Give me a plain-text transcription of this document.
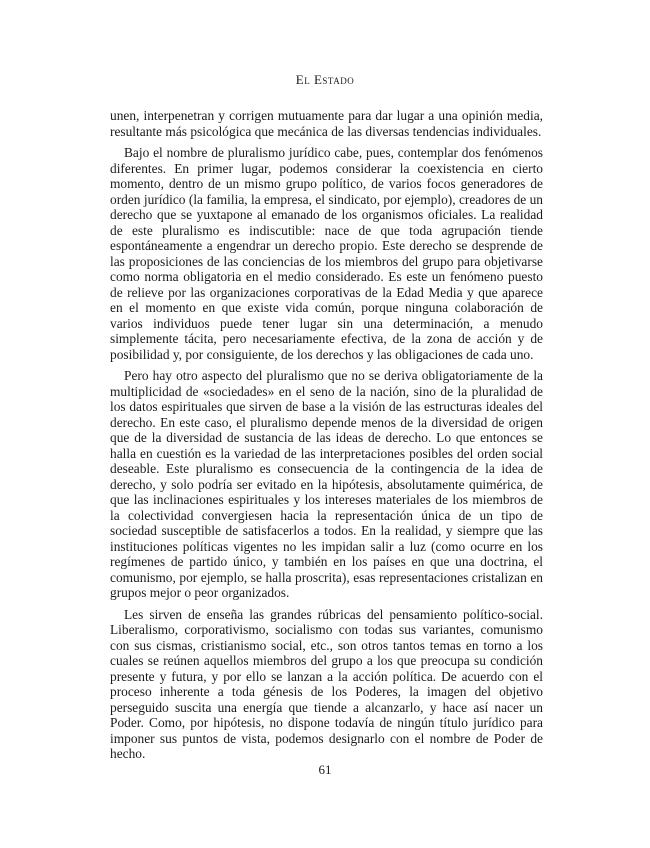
El Estado

unen, interpenetran y corrigen mutuamente para dar lugar a una opinión media, resultante más psicológica que mecánica de las diversas tendencias individuales.

Bajo el nombre de pluralismo jurídico cabe, pues, contemplar dos fenómenos diferentes. En primer lugar, podemos considerar la coexistencia en cierto momento, dentro de un mismo grupo político, de varios focos generadores de orden jurídico (la familia, la empresa, el sindicato, por ejemplo), creadores de un derecho que se yuxtapone al emanado de los organismos oficiales. La realidad de este pluralismo es indiscutible: nace de que toda agrupación tiende espontáneamente a engendrar un derecho propio. Este derecho se desprende de las proposiciones de las conciencias de los miembros del grupo para objetivarse como norma obligatoria en el medio considerado. Es este un fenómeno puesto de relieve por las organizaciones corporativas de la Edad Media y que aparece en el momento en que existe vida común, porque ninguna colaboración de varios individuos puede tener lugar sin una determinación, a menudo simplemente tácita, pero necesariamente efectiva, de la zona de acción y de posibilidad y, por consiguiente, de los derechos y las obligaciones de cada uno.

Pero hay otro aspecto del pluralismo que no se deriva obligatoriamente de la multiplicidad de «sociedades» en el seno de la nación, sino de la pluralidad de los datos espirituales que sirven de base a la visión de las estructuras ideales del derecho. En este caso, el pluralismo depende menos de la diversidad de origen que de la diversidad de sustancia de las ideas de derecho. Lo que entonces se halla en cuestión es la variedad de las interpretaciones posibles del orden social deseable. Este pluralismo es consecuencia de la contingencia de la idea de derecho, y solo podría ser evitado en la hipótesis, absolutamente quimérica, de que las inclinaciones espirituales y los intereses materiales de los miembros de la colectividad convergiesen hacia la representación única de un tipo de sociedad susceptible de satisfacerlos a todos. En la realidad, y siempre que las instituciones políticas vigentes no les impidan salir a luz (como ocurre en los regímenes de partido único, y también en los países en que una doctrina, el comunismo, por ejemplo, se halla proscrita), esas representaciones cristalizan en grupos mejor o peor organizados.

Les sirven de enseña las grandes rúbricas del pensamiento político-social. Liberalismo, corporativismo, socialismo con todas sus variantes, comunismo con sus cismas, cristianismo social, etc., son otros tantos temas en torno a los cuales se reúnen aquellos miembros del grupo a los que preocupa su condición presente y futura, y por ello se lanzan a la acción política. De acuerdo con el proceso inherente a toda génesis de los Poderes, la imagen del objetivo perseguido suscita una energía que tiende a alcanzarlo, y hace así nacer un Poder. Como, por hipótesis, no dispone todavía de ningún título jurídico para imponer sus puntos de vista, podemos designarlo con el nombre de Poder de hecho.

61
